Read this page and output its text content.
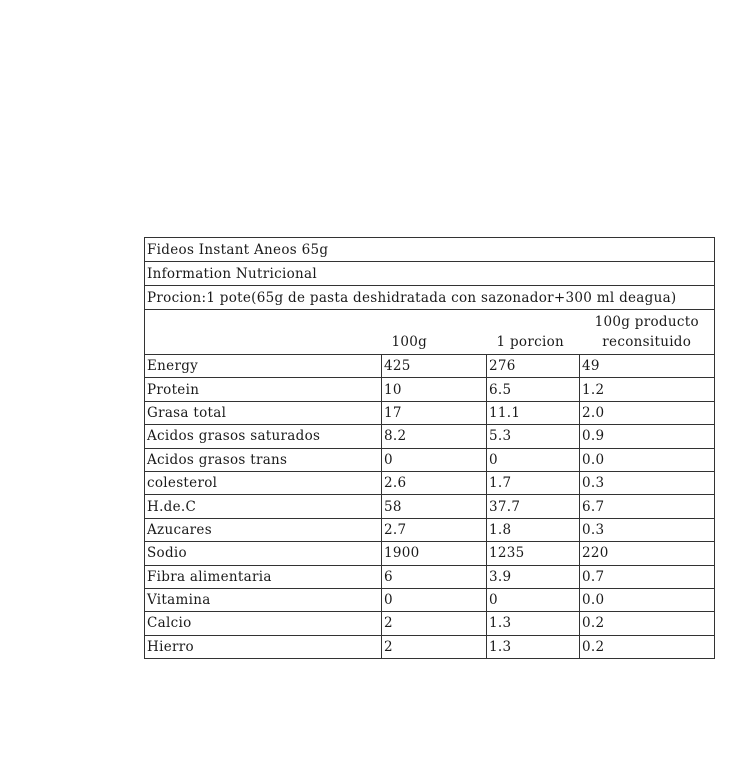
Fideos Instant Aneos 65g			
Information Nutricional			
Procion:1 pote(65g de pasta deshidratada con sazonador+300 ml deagua)			
	100g	1 porcion	100g producto
reconsituido

Energy	425	276	49
Protein	10	6.5	1.2
Grasa total	17	11.1	2.0
Acidos grasos saturados	8.2	5.3	0.9
Acidos grasos trans	0	0	0.0
colesterol	2.6	1.7	0.3
H.de.C	58	37.7	6.7
Azucares	2.7	1.8	0.3
Sodio	1900	1235	220
Fibra alimentaria	6	3.9	0.7
Vitamina	0	0	0.0
Calcio	2	1.3	0.2
Hierro	2	1.3	0.2
